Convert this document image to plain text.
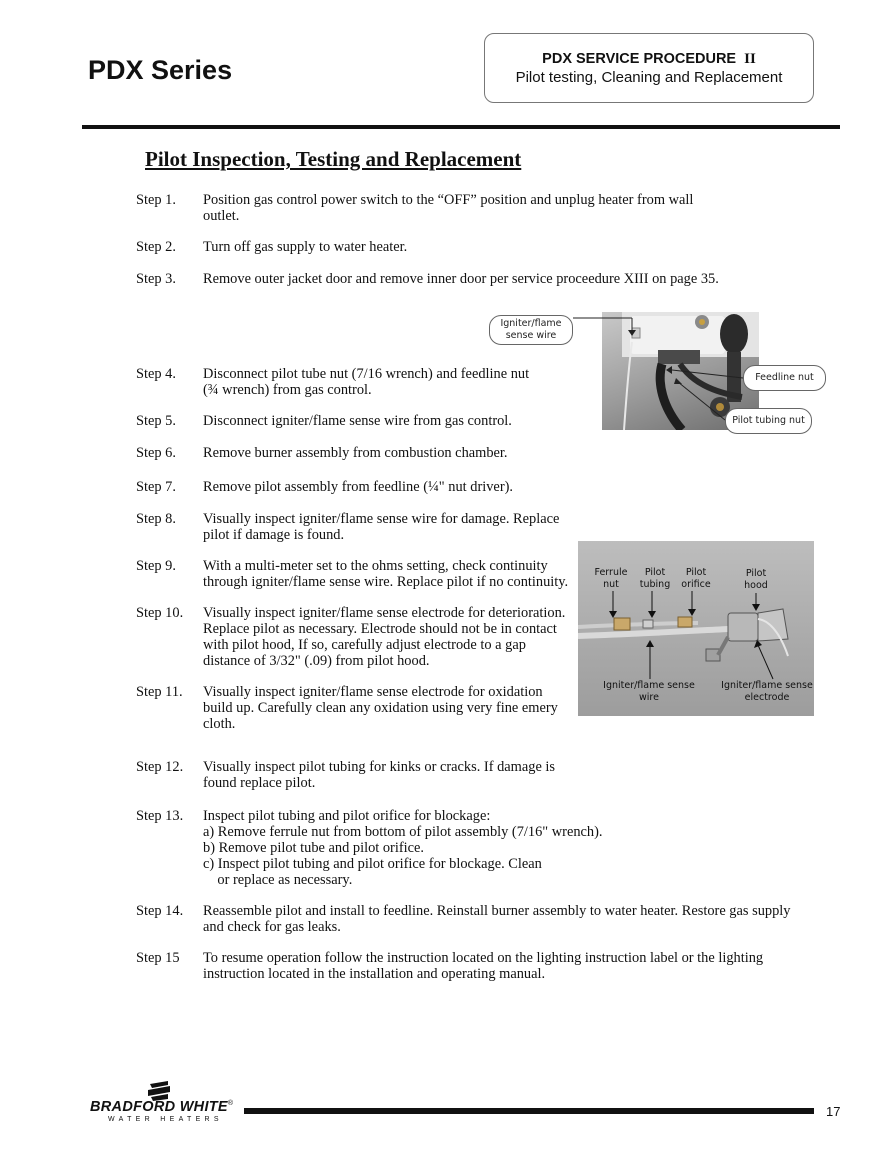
PDX Series	PDX SERVICE PROCEDURE II
Pilot testing, Cleaning and Replacement
Pilot Inspection, Testing and Replacement
Step 1.	Position gas control power switch to the “OFF” position and unplug heater from wall
outlet.
Step 2.	Turn off gas supply to water heater.
Step 3.	Remove outer jacket door and remove inner door per service proceedure XIII on page 35.
Step 4.	Disconnect pilot tube nut (7/16 wrench) and feedline nut
(¾ wrench) from gas control.
Step 5.	Disconnect igniter/flame sense wire from gas control.
Step 6.	Remove burner assembly from combustion chamber.
Step 7.	Remove pilot assembly from feedline (¼" nut driver).
Step 8.	Visually inspect igniter/flame sense wire for damage. Replace
pilot if damage is found.
Step 9.	With a multi-meter set to the ohms setting, check continuity
through igniter/flame sense wire. Replace pilot if no continuity.
Step 10.	Visually inspect igniter/flame sense electrode for deterioration.
Replace pilot as necessary. Electrode should not be in contact
with pilot hood, If so, carefully adjust electrode to a gap
distance of 3/32" (.09) from pilot hood.
Step 11.	Visually inspect igniter/flame sense electrode for oxidation
build up. Carefully clean any oxidation using very fine emery
cloth.
Step 12.	Visually inspect pilot tubing for kinks or cracks. If damage is
found replace pilot.
Step 13.	Inspect pilot tubing and pilot orifice for blockage:
a) Remove ferrule nut from bottom of pilot assembly (7/16" wrench).
b) Remove pilot tube and pilot orifice.
c) Inspect pilot tubing and pilot orifice for blockage. Clean
or replace as necessary.
Step 14.	Reassemble pilot and install to feedline. Reinstall burner assembly to water heater. Restore gas supply
and check for gas leaks.
Step 15	To resume operation follow the instruction located on the lighting instruction label or the lighting
instruction located in the installation and operating manual.
Igniter/flame
sense wire
Feedline nut
Pilot tubing nut
Ferrule
nut
Pilot
tubing
Pilot
orifice
Pilot
hood
Igniter/flame sense
wire
Igniter/flame sense
electrode
BRADFORD WHITE®
WATER HEATERS
17
